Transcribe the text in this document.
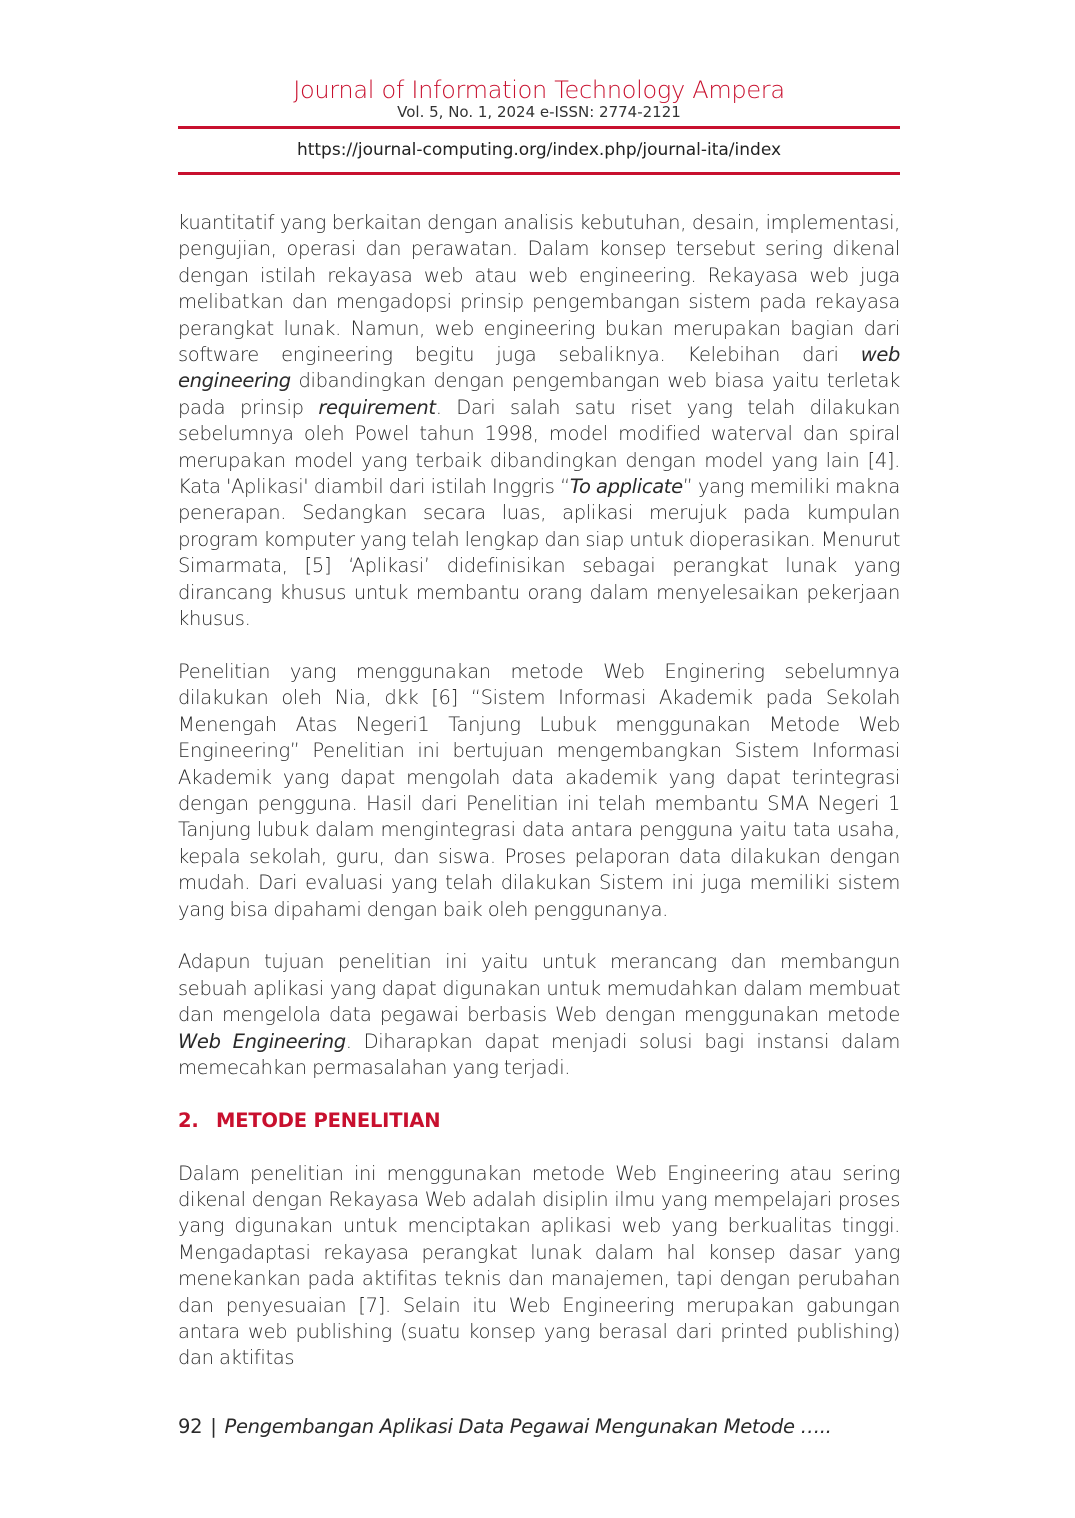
Journal of Information Technology Ampera
Vol. 5, No. 1, 2024 e-ISSN: 2774-2121
https://journal-computing.org/index.php/journal-ita/index

kuantitatif yang berkaitan dengan analisis kebutuhan, desain, implementasi, pengujian, operasi dan perawatan. Dalam konsep tersebut sering dikenal dengan istilah rekayasa web atau web engineering. Rekayasa web juga melibatkan dan mengadopsi prinsip pengembangan sistem pada rekayasa perangkat lunak. Namun, web engineering bukan merupakan bagian dari software engineering begitu juga sebaliknya. Kelebihan dari web engineering dibandingkan dengan pengembangan web biasa yaitu terletak pada prinsip requirement. Dari salah satu riset yang telah dilakukan sebelumnya oleh Powel tahun 1998, model modified waterval dan spiral merupakan model yang terbaik dibandingkan dengan model yang lain [4]. Kata 'Aplikasi' diambil dari istilah Inggris “To applicate” yang memiliki makna penerapan. Sedangkan secara luas, aplikasi merujuk pada kumpulan program komputer yang telah lengkap dan siap untuk dioperasikan. Menurut Simarmata, [5] ‘Aplikasi’ didefinisikan sebagai perangkat lunak yang dirancang khusus untuk membantu orang dalam menyelesaikan pekerjaan khusus.

Penelitian yang menggunakan metode Web Enginering sebelumnya dilakukan oleh Nia, dkk [6] “Sistem Informasi Akademik pada Sekolah Menengah Atas Negeri1 Tanjung Lubuk menggunakan Metode Web Engineering” Penelitian ini bertujuan mengembangkan Sistem Informasi Akademik yang dapat mengolah data akademik yang dapat terintegrasi dengan pengguna. Hasil dari Penelitian ini telah membantu SMA Negeri 1 Tanjung lubuk dalam mengintegrasi data antara pengguna yaitu tata usaha, kepala sekolah, guru, dan siswa. Proses pelaporan data dilakukan dengan mudah. Dari evaluasi yang telah dilakukan Sistem ini juga memiliki sistem yang bisa dipahami dengan baik oleh penggunanya.

Adapun tujuan penelitian ini yaitu untuk merancang dan membangun sebuah aplikasi yang dapat digunakan untuk memudahkan dalam membuat dan mengelola data pegawai berbasis Web dengan menggunakan metode Web Engineering. Diharapkan dapat menjadi solusi bagi instansi dalam memecahkan permasalahan yang terjadi.

2. METODE PENELITIAN

Dalam penelitian ini menggunakan metode Web Engineering atau sering dikenal dengan Rekayasa Web adalah disiplin ilmu yang mempelajari proses yang digunakan untuk menciptakan aplikasi web yang berkualitas tinggi. Mengadaptasi rekayasa perangkat lunak dalam hal konsep dasar yang menekankan pada aktifitas teknis dan manajemen, tapi dengan perubahan dan penyesuaian [7]. Selain itu Web Engineering merupakan gabungan antara web publishing (suatu konsep yang berasal dari printed publishing) dan aktifitas

92 | Pengembangan Aplikasi Data Pegawai Mengunakan Metode …..
